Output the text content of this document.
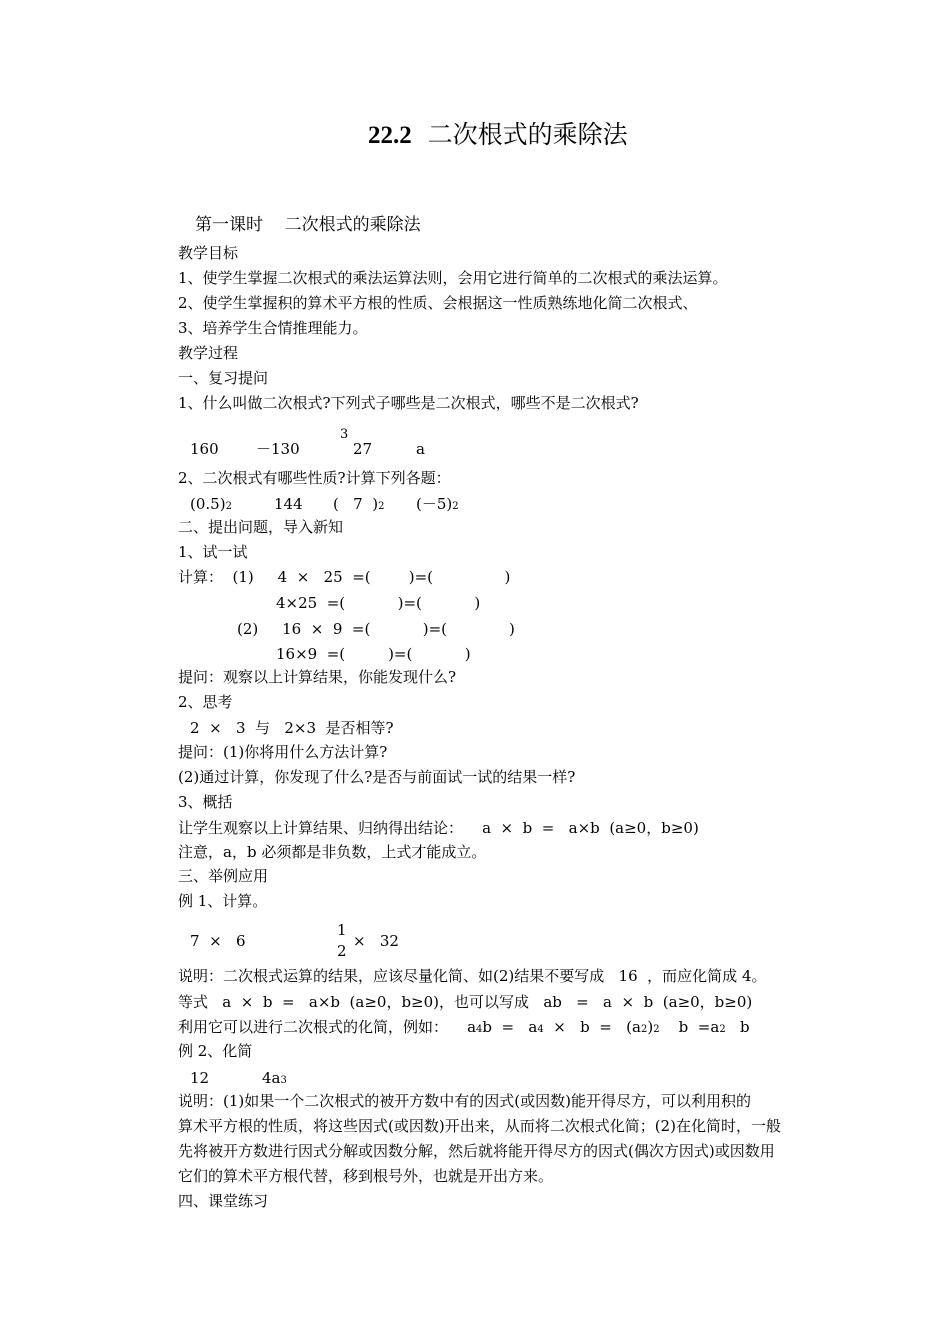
22.2 二次根式的乘除法
第一课时    二次根式的乘除法
教学目标
1、使学生掌握二次根式的乘法运算法则，会用它进行简单的二次根式的乘法运算。
2、使学生掌握积的算术平方根的性质、会根据这一性质熟练地化简二次根式、
3、培养学生合情推理能力。
教学过程
一、复习提问
1、什么叫做二次根式?下列式子哪些是二次根式，哪些不是二次根式?
160 －130
3
27	a
2、二次根式有哪些性质?计算下列各题：
(0.5)2	144 (   7  )2 (－5)2
二、提出问题，导入新知
1、试一试
计算：  (1)     4  ×   25  =(        )=(               )
4×25  =(           )=(           )
(2)     16  ×  9  =(           )=(             )
16×9  =(         )=(           )
提问：观察以上计算结果，你能发现什么?
2、思考
2  ×   3  与   2×3  是否相等?
提问：(1)你将用什么方法计算?
(2)通过计算，你发现了什么?是否与前面试一试的结果一样?
3、概括
让学生观察以上计算结果、归纳得出结论：    a  ×  b  =   a×b  (a≥0，b≥0)
注意，a，b 必须都是非负数，上式才能成立。
三、举例应用
例 1、计算。
7  ×   6
1
2
×   32
说明：二次根式运算的结果，应该尽量化简、如(2)结果不要写成   16  ，而应化简成 4。
等式   a  ×  b  =   a×b  (a≥0，b≥0)，也可以写成   ab   =   a  ×  b  (a≥0，b≥0)
利用它可以进行二次根式的化简，例如：    a4b  =   a4  ×   b  =   (a2)2    b  =a2   b
例 2、化简
12	4a3
说明：(1)如果一个二次根式的被开方数中有的因式(或因数)能开得尽方，可以利用积的
算术平方根的性质，将这些因式(或因数)开出来，从而将二次根式化简；(2)在化简时，一般
先将被开方数进行因式分解或因数分解，然后就将能开得尽方的因式(偶次方因式)或因数用
它们的算术平方根代替，移到根号外，也就是开出方来。
四、课堂练习
